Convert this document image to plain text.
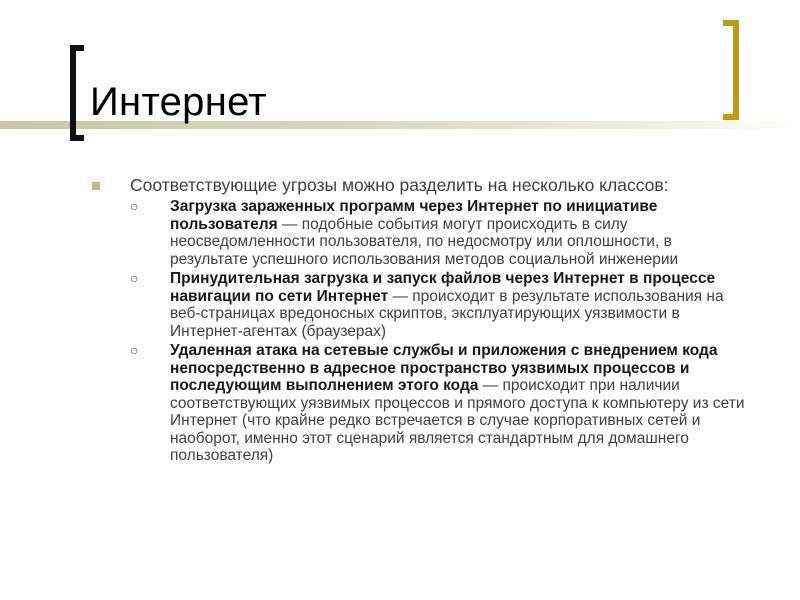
Интернет
Соответствующие угрозы можно разделить на несколько классов:
○ Загрузка зараженных программ через Интернет по инициативе пользователя — подобные события могут происходить в силу неосведомленности пользователя, по недосмотру или оплошности, в результате успешного использования методов социальной инженерии
○ Принудительная загрузка и запуск файлов через Интернет в процессе навигации по сети Интернет — происходит в результате использования на веб-страницах вредоносных скриптов, эксплуатирующих уязвимости в Интернет-агентах (браузерах)
○ Удаленная атака на сетевые службы и приложения с внедрением кода непосредственно в адресное пространство уязвимых процессов и последующим выполнением этого кода — происходит при наличии соответствующих уязвимых процессов и прямого доступа к компьютеру из сети Интернет (что крайне редко встречается в случае корпоративных сетей и наоборот, именно этот сценарий является стандартным для домашнего пользователя)
